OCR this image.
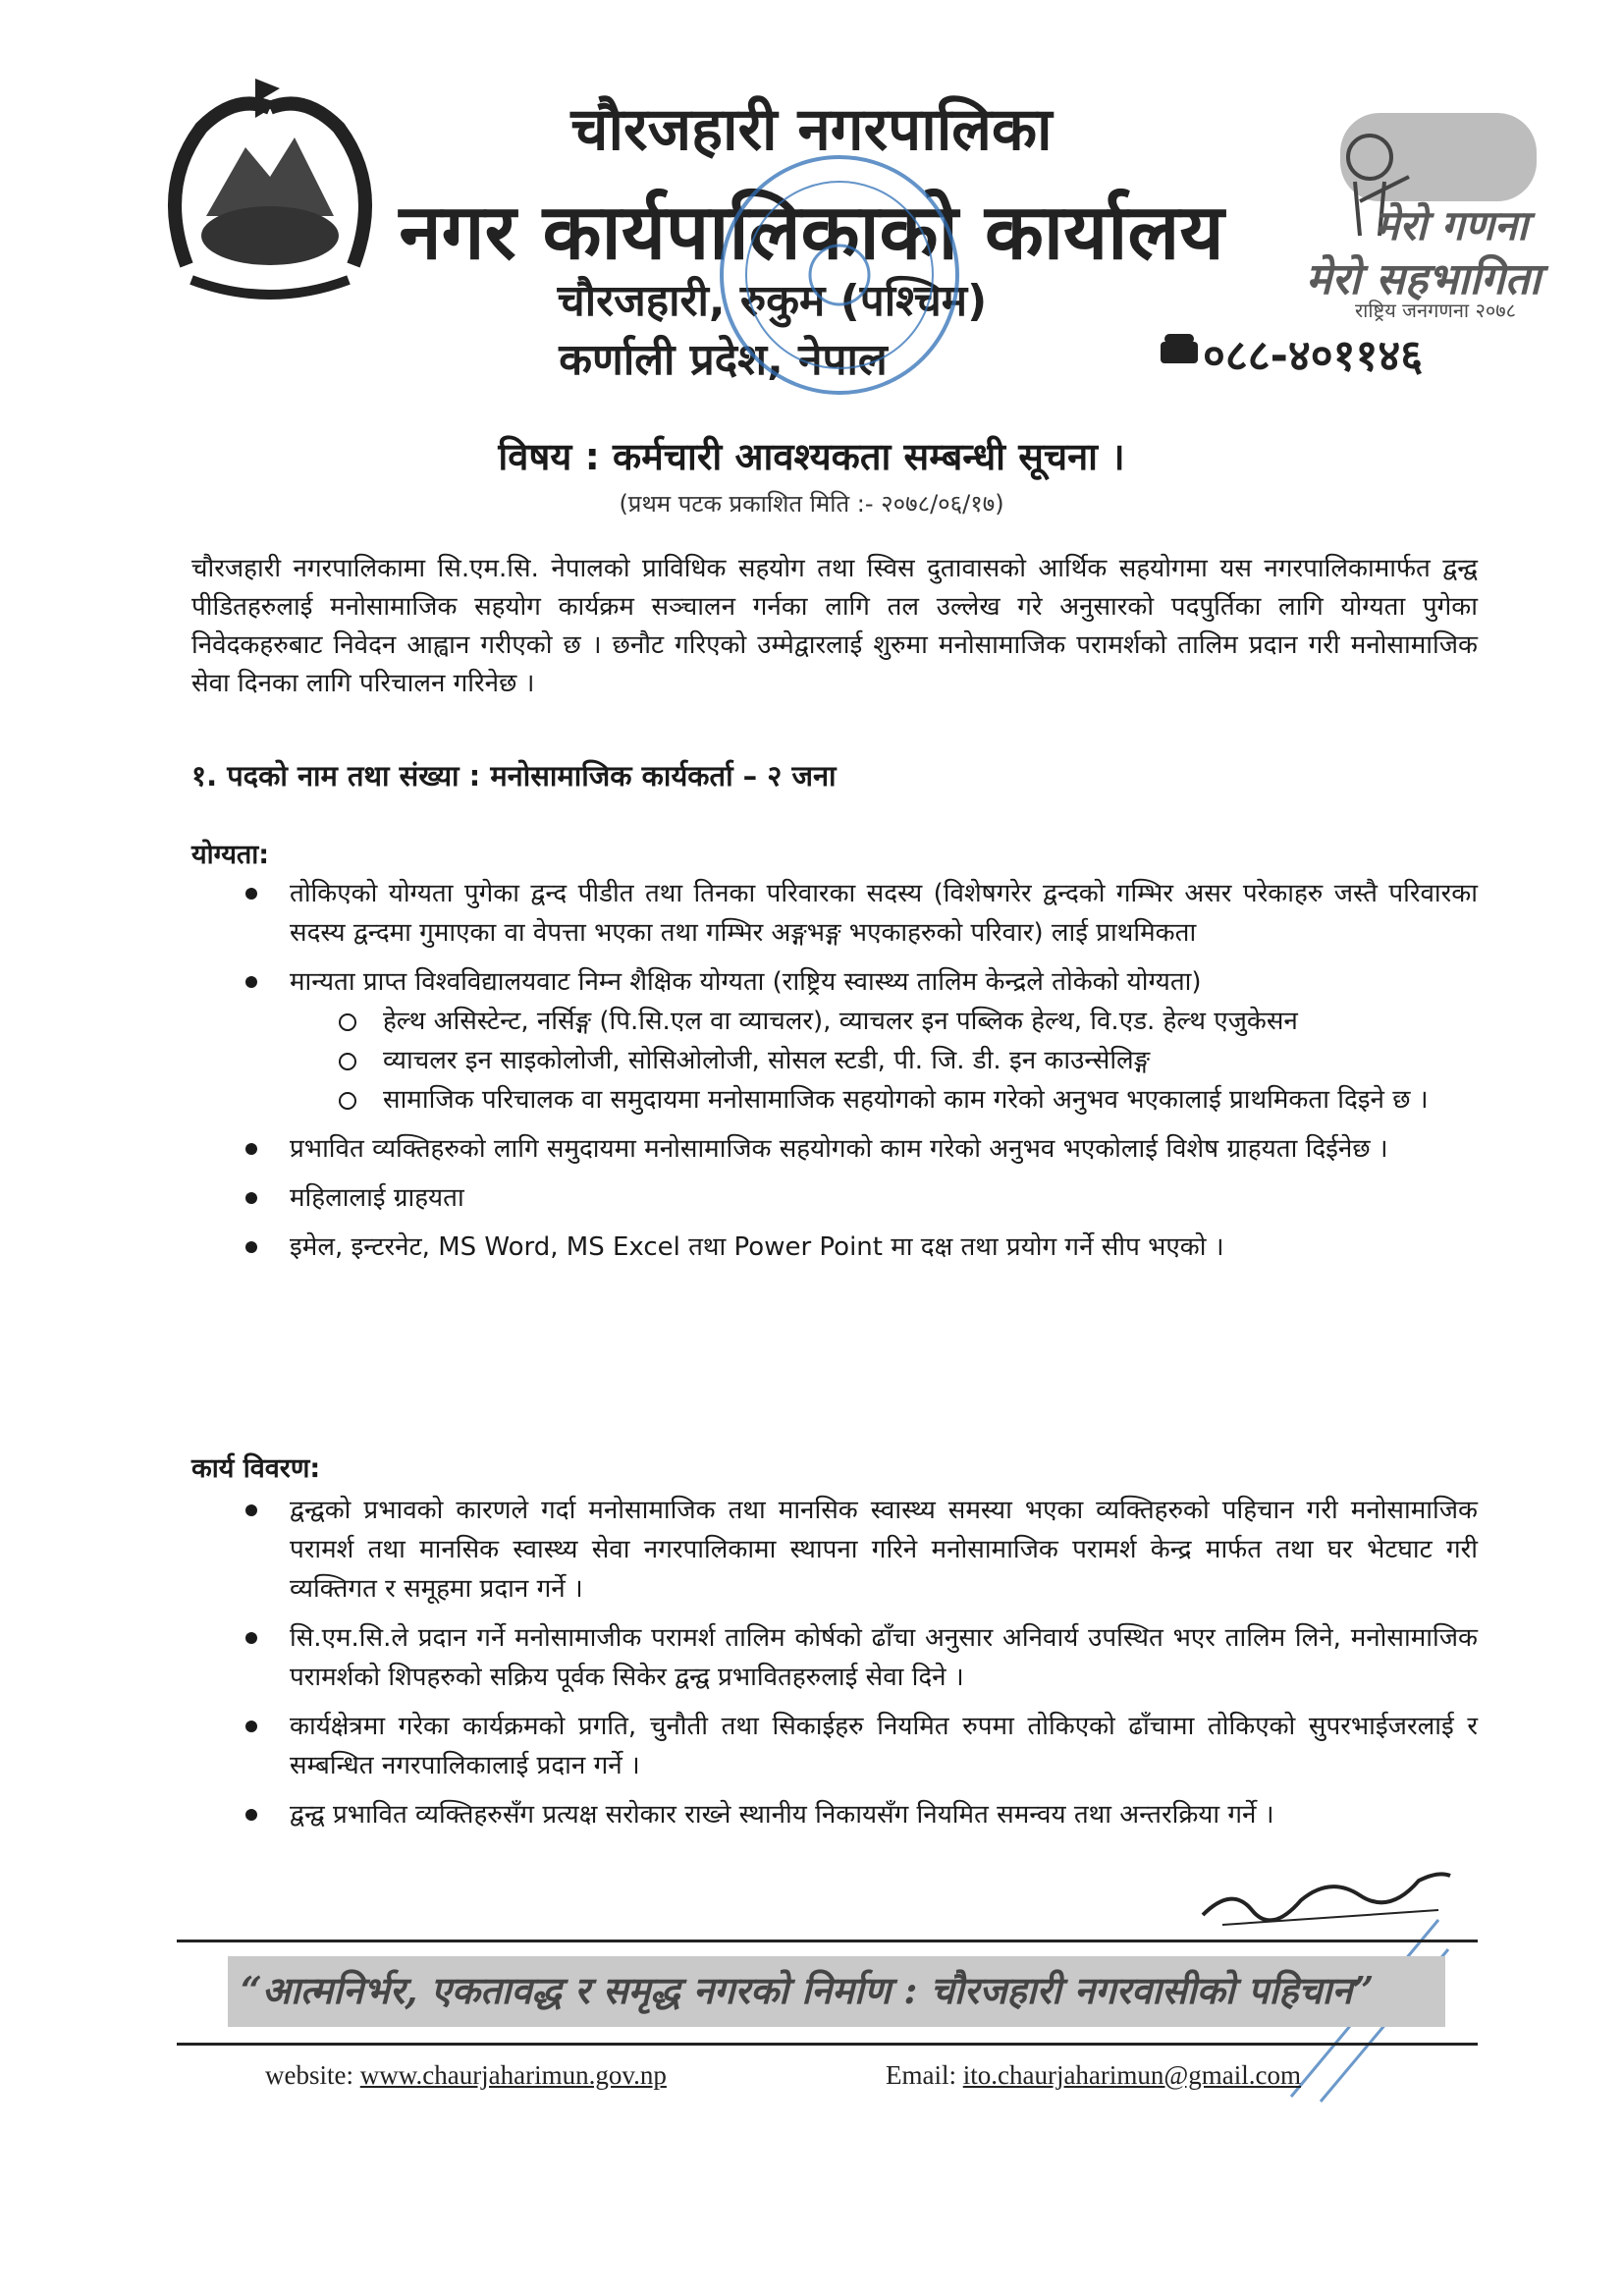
मेरो गणना
मेरो सहभागिता
राष्ट्रिय जनगणना २०७८
चौरजहारी नगरपालिका
नगर कार्यपालिकाको कार्यालय
चौरजहारी, रुकुम (पश्चिम)
कर्णाली प्रदेश, नेपाल	०८८-४०११४६
विषय : कर्मचारी आवश्यकता सम्बन्धी सूचना ।
(प्रथम पटक प्रकाशित मिति :- २०७८/०६/१७)
चौरजहारी नगरपालिकामा सि.एम.सि. नेपालको प्राविधिक सहयोग तथा स्विस दुतावासको आर्थिक सहयोगमा यस नगरपालिकामार्फत द्वन्द्व पीडितहरुलाई मनोसामाजिक सहयोग कार्यक्रम सञ्चालन गर्नका लागि तल उल्लेख गरे अनुसारको पदपुर्तिका लागि योग्यता पुगेका निवेदकहरुबाट निवेदन आह्वान गरीएको छ । छनौट गरिएको उम्मेद्वारलाई शुरुमा मनोसामाजिक परामर्शको तालिम प्रदान गरी मनोसामाजिक सेवा दिनका लागि परिचालन गरिनेछ ।
१. पदको नाम तथा संख्या : मनोसामाजिक कार्यकर्ता – २ जना
योग्यता:
तोकिएको योग्यता पुगेका द्वन्द पीडीत तथा तिनका परिवारका सदस्य (विशेषगरेर द्वन्दको गम्भिर असर परेकाहरु जस्तै परिवारका सदस्य द्वन्दमा गुमाएका वा वेपत्ता भएका तथा गम्भिर अङ्गभङ्ग भएकाहरुको परिवार) लाई प्राथमिकता
मान्यता प्राप्त विश्वविद्यालयवाट निम्न शैक्षिक योग्यता (राष्ट्रिय स्वास्थ्य तालिम केन्द्रले तोकेको योग्यता)
हेल्थ असिस्टेन्ट, नर्सिङ्ग (पि.सि.एल वा व्याचलर), व्याचलर इन पब्लिक हेल्थ, वि.एड. हेल्थ एजुकेसन
व्याचलर इन साइकोलोजी, सोसिओलोजी, सोसल स्टडी, पी. जि. डी. इन काउन्सेलिङ्ग
सामाजिक परिचालक वा समुदायमा मनोसामाजिक सहयोगको काम गरेको अनुभव भएकालाई प्राथमिकता दिइने छ ।
प्रभावित व्यक्तिहरुको लागि समुदायमा मनोसामाजिक सहयोगको काम गरेको अनुभव भएकोलाई विशेष ग्राहयता दिईनेछ ।
महिलालाई ग्राहयता
इमेल, इन्टरनेट, MS Word, MS Excel तथा Power Point मा दक्ष तथा प्रयोग गर्ने सीप भएको ।
कार्य विवरण:
द्वन्द्वको प्रभावको कारणले गर्दा मनोसामाजिक तथा मानसिक स्वास्थ्य समस्या भएका व्यक्तिहरुको पहिचान गरी मनोसामाजिक परामर्श तथा मानसिक स्वास्थ्य सेवा नगरपालिकामा स्थापना गरिने मनोसामाजिक परामर्श केन्द्र मार्फत तथा घर भेटघाट गरी व्यक्तिगत र समूहमा प्रदान गर्ने ।
सि.एम.सि.ले प्रदान गर्ने मनोसामाजीक परामर्श तालिम कोर्षको ढाँचा अनुसार अनिवार्य उपस्थित भएर तालिम लिने, मनोसामाजिक परामर्शको शिपहरुको सक्रिय पूर्वक सिकेर द्वन्द्व प्रभावितहरुलाई सेवा दिने ।
कार्यक्षेत्रमा गरेका कार्यक्रमको प्रगति, चुनौती तथा सिकाईहरु नियमित रुपमा तोकिएको ढाँचामा तोकिएको सुपरभाईजरलाई र सम्बन्धित नगरपालिकालाई प्रदान गर्ने ।
द्वन्द्व प्रभावित व्यक्तिहरुसँग प्रत्यक्ष सरोकार राख्ने स्थानीय निकायसँग नियमित समन्वय तथा अन्तरक्रिया गर्ने ।
“आत्मनिर्भर, एकतावद्ध र समृद्ध नगरको निर्माण : चौरजहारी नगरवासीको पहिचान”
website: www.chaurjaharimun.gov.np	Email: ito.chaurjaharimun@gmail.com
